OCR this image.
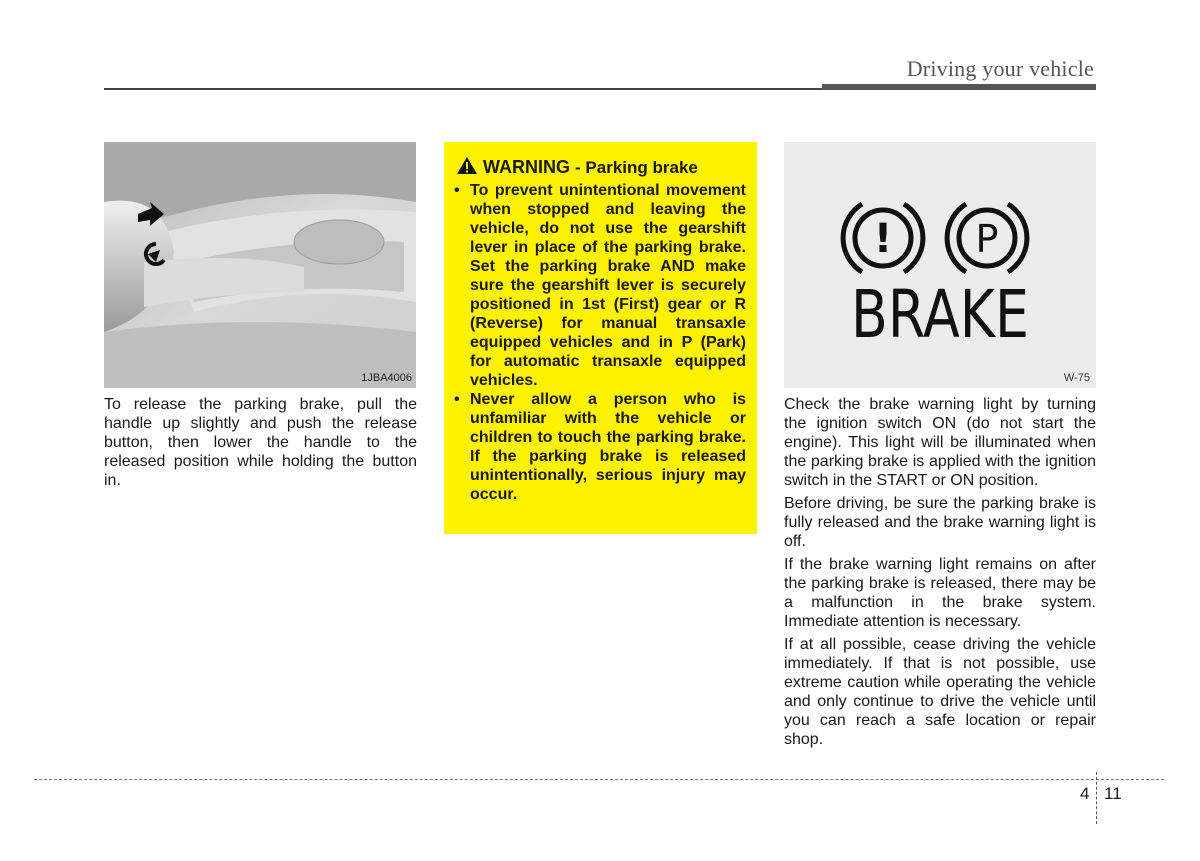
Driving your vehicle
1JBA4006

To release the parking brake, pull the handle up slightly and push the release button, then lower the handle to the released position while holding the button in.

WARNING - Parking brake
• To prevent unintentional movement when stopped and leaving the vehicle, do not use the gearshift lever in place of the parking brake. Set the parking brake AND make sure the gearshift lever is securely positioned in 1st (First) gear or R (Reverse) for manual transaxle equipped vehicles and in P (Park) for automatic transaxle equipped vehicles.
• Never allow a person who is unfamiliar with the vehicle or children to touch the parking brake. If the parking brake is released unintentionally, serious injury may occur.
! P
BRAKE
W-75

Check the brake warning light by turning the ignition switch ON (do not start the engine). This light will be illuminated when the parking brake is applied with the ignition switch in the START or ON position.

Before driving, be sure the parking brake is fully released and the brake warning light is off.

If the brake warning light remains on after the parking brake is released, there may be a malfunction in the brake system. Immediate attention is necessary.

If at all possible, cease driving the vehicle immediately. If that is not possible, use extreme caution while operating the vehicle and only continue to drive the vehicle until you can reach a safe location or repair shop.

4 11
